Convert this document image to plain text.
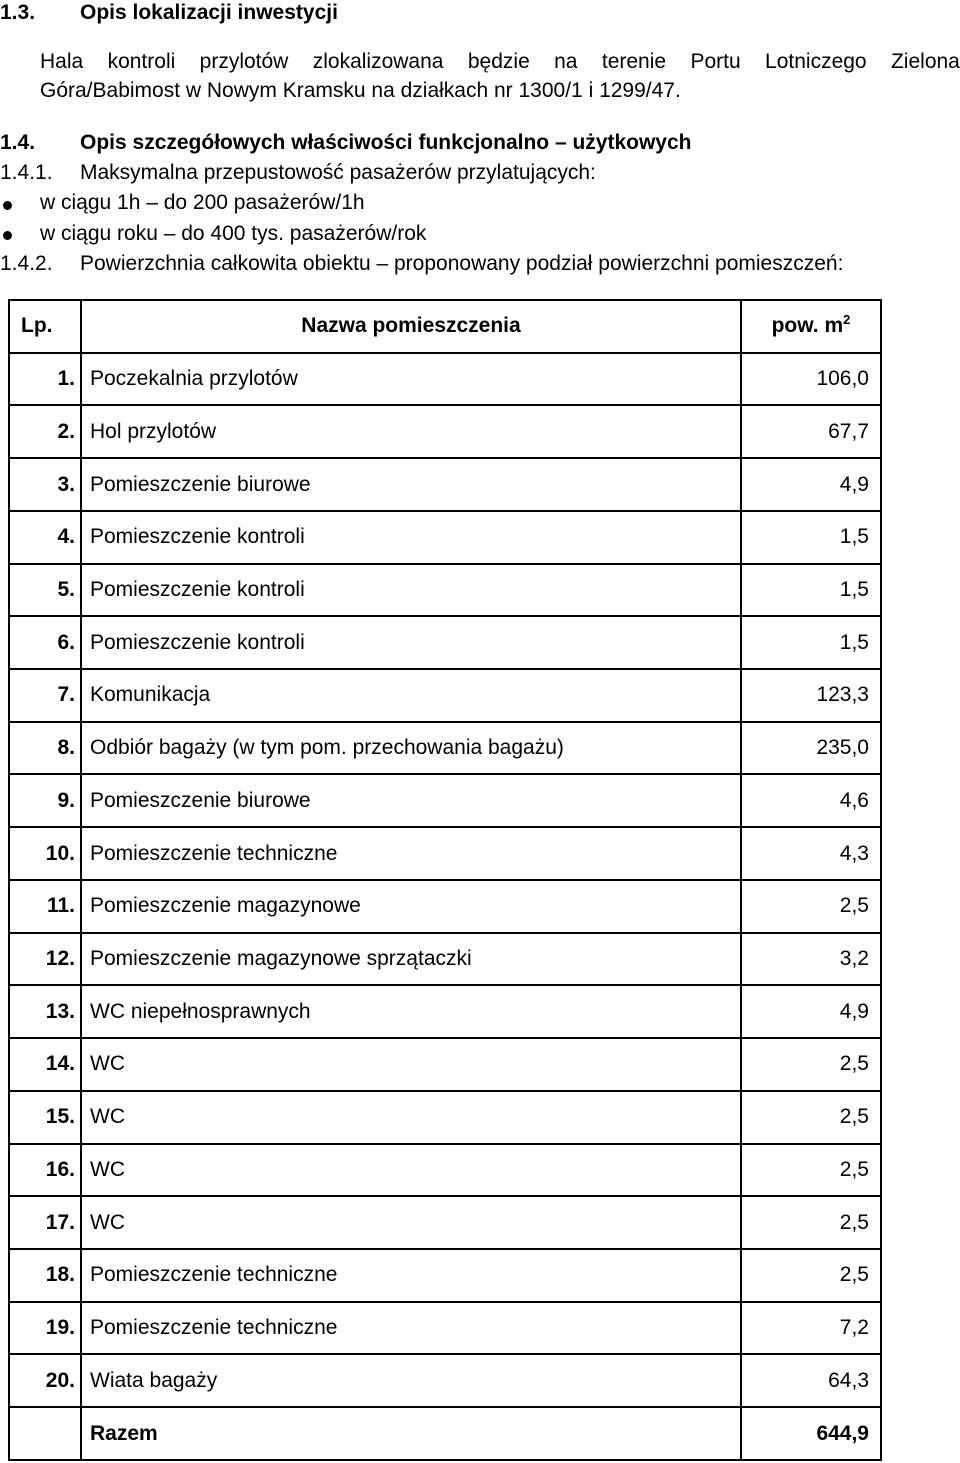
1.3. Opis lokalizacji inwestycji
Hala kontroli przylotów zlokalizowana będzie na terenie Portu Lotniczego Zielona
Góra/Babimost w Nowym Kramsku na działkach nr 1300/1 i 1299/47.
1.4. Opis szczegółowych właściwości funkcjonalno – użytkowych
1.4.1. Maksymalna przepustowość pasażerów przylatujących:
w ciągu 1h – do 200 pasażerów/1h
w ciągu roku – do 400 tys. pasażerów/rok
1.4.2. Powierzchnia całkowita obiektu – proponowany podział powierzchni pomieszczeń:
Lp.	Nazwa pomieszczenia	pow. $m^2$
1.	Poczekalnia przylotów	106,0
2.	Hol przylotów	67,7
3.	Pomieszczenie biurowe	4,9
4.	Pomieszczenie kontroli	1,5
5.	Pomieszczenie kontroli	1,5
6.	Pomieszczenie kontroli	1,5
7.	Komunikacja	123,3
8.	Odbiór bagaży (w tym pom. przechowania bagażu)	235,0
9.	Pomieszczenie biurowe	4,6
10.	Pomieszczenie techniczne	4,3
11.	Pomieszczenie magazynowe	2,5
12.	Pomieszczenie magazynowe sprzątaczki	3,2
13.	WC niepełnosprawnych	4,9
14.	WC	2,5
15.	WC	2,5
16.	WC	2,5
17.	WC	2,5
18.	Pomieszczenie techniczne	2,5
19.	Pomieszczenie techniczne	7,2
20.	Wiata bagaży	64,3
	Razem	644,9
